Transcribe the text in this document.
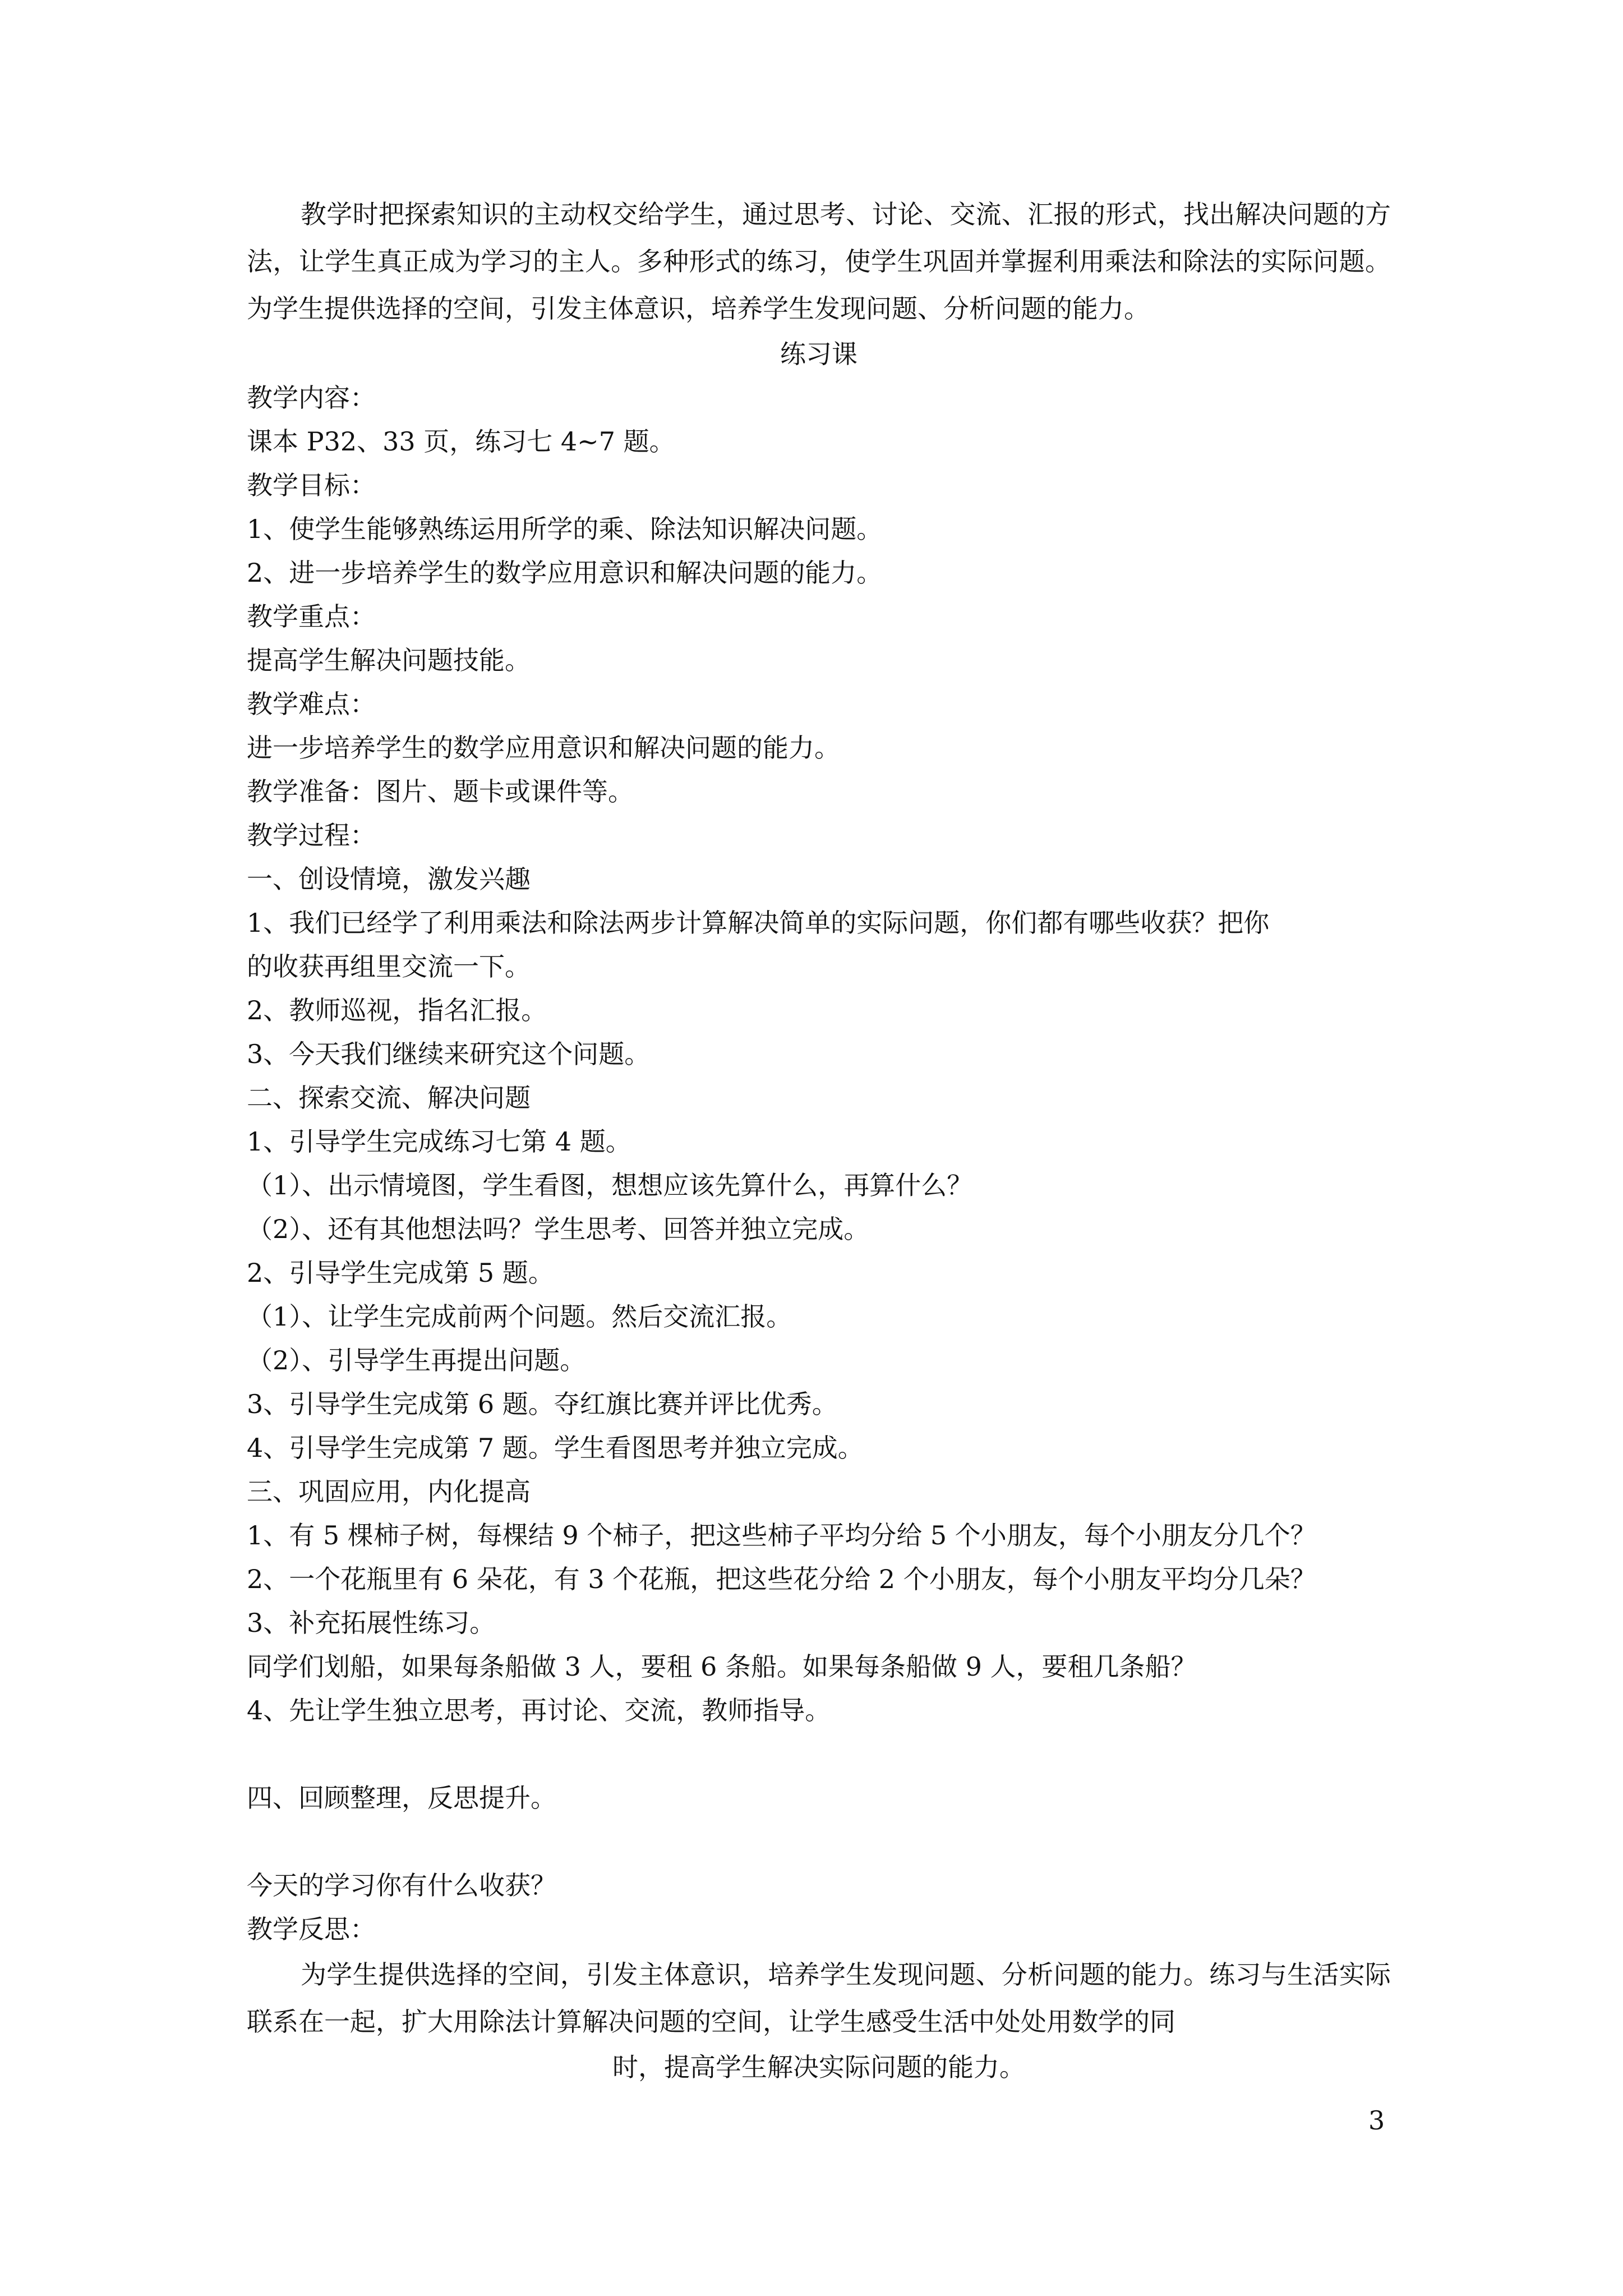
教学时把探索知识的主动权交给学生，通过思考、讨论、交流、汇报的形式，找出解决问题的方法，让学生真正成为学习的主人。多种形式的练习，使学生巩固并掌握利用乘法和除法的实际问题。为学生提供选择的空间，引发主体意识，培养学生发现问题、分析问题的能力。

练习课
教学内容：
课本 P32、33 页，练习七 4~7 题。
教学目标：
1、使学生能够熟练运用所学的乘、除法知识解决问题。
2、进一步培养学生的数学应用意识和解决问题的能力。
教学重点：
提高学生解决问题技能。
教学难点：
进一步培养学生的数学应用意识和解决问题的能力。
教学准备：图片、题卡或课件等。
教学过程：
一、创设情境，激发兴趣
1、我们已经学了利用乘法和除法两步计算解决简单的实际问题，你们都有哪些收获？把你
的收获再组里交流一下。
2、教师巡视，指名汇报。
3、今天我们继续来研究这个问题。
二、探索交流、解决问题
1、引导学生完成练习七第 4 题。
（1）、出示情境图，学生看图，想想应该先算什么，再算什么？
（2）、还有其他想法吗？学生思考、回答并独立完成。
2、引导学生完成第 5 题。
（1）、让学生完成前两个问题。然后交流汇报。
（2）、引导学生再提出问题。
3、引导学生完成第 6 题。夺红旗比赛并评比优秀。
4、引导学生完成第 7 题。学生看图思考并独立完成。
三、巩固应用，内化提高
1、有 5 棵柿子树，每棵结 9 个柿子，把这些柿子平均分给 5 个小朋友，每个小朋友分几个？
2、一个花瓶里有 6 朵花，有 3 个花瓶，把这些花分给 2 个小朋友，每个小朋友平均分几朵？
3、补充拓展性练习。
同学们划船，如果每条船做 3 人，要租 6 条船。如果每条船做 9 人，要租几条船？
4、先让学生独立思考，再讨论、交流，教师指导。
四、回顾整理，反思提升。
今天的学习你有什么收获？
教学反思：

为学生提供选择的空间，引发主体意识，培养学生发现问题、分析问题的能力。练习与生活实际联系在一起，扩大用除法计算解决问题的空间，让学生感受生活中处处用数学的同

时，提高学生解决实际问题的能力。
3
